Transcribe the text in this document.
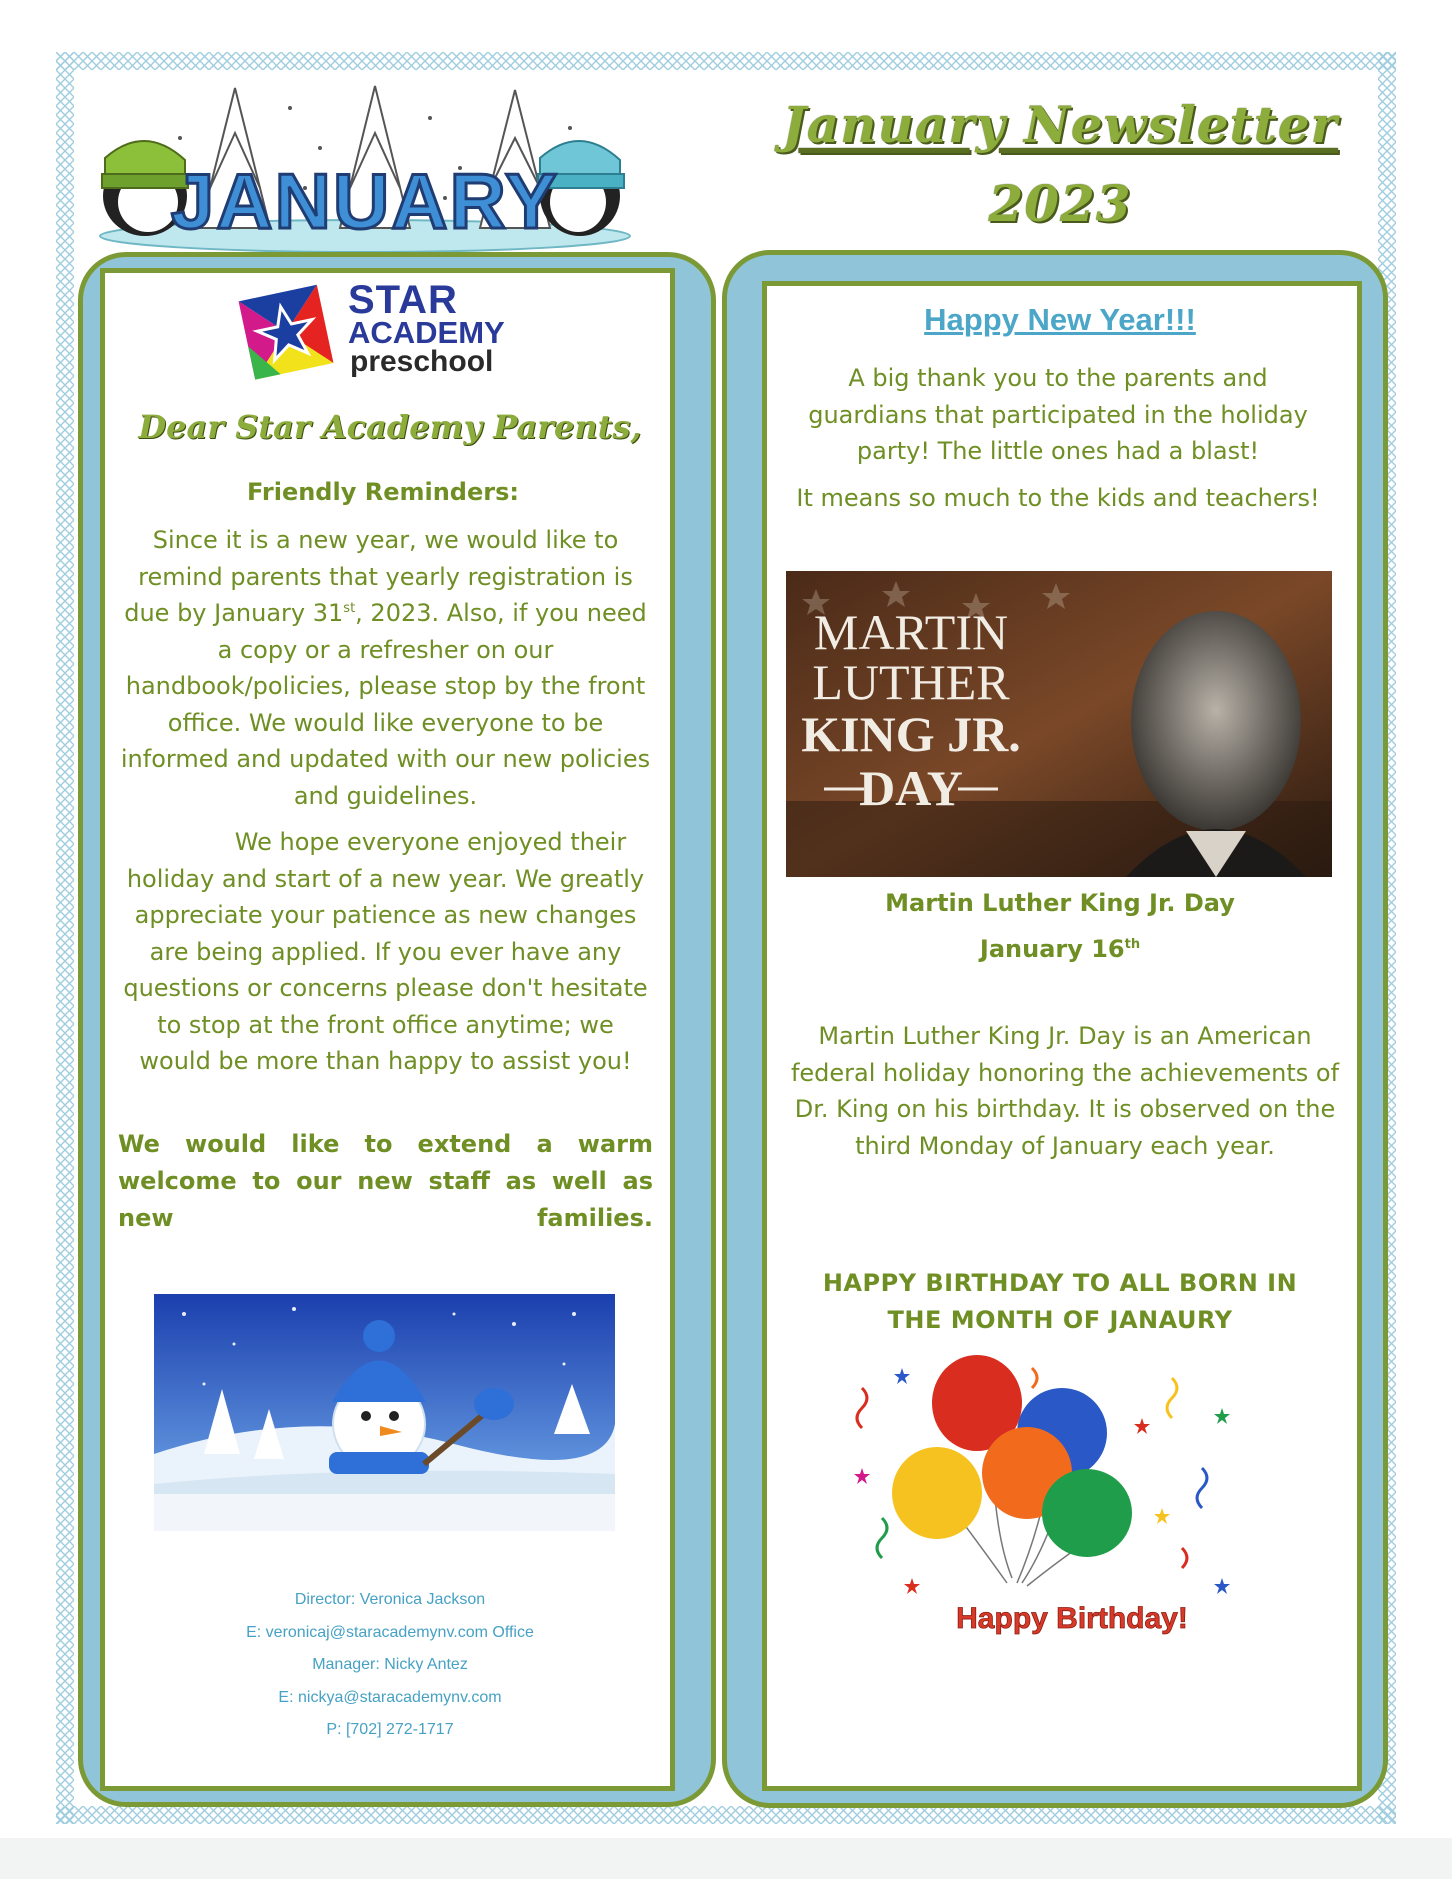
JANUARY
January Newsletter
2023
STAR
ACADEMY
preschool
Dear Star Academy Parents,
Friendly Reminders:
Since it is a new year, we would like to remind parents that yearly registration is due by January 31st, 2023. Also, if you need a copy or a refresher on our handbook/policies, please stop by the front office. We would like everyone to be informed and updated with our new policies and guidelines.
We hope everyone enjoyed their holiday and start of a new year. We greatly appreciate your patience as new changes are being applied. If you ever have any questions or concerns please don't hesitate to stop at the front office anytime; we would be more than happy to assist you!
We would like to extend a warm welcome to our new staff as well as new families.
Director: Veronica Jackson
E: veronicaj@staracademynv.com Office
Manager: Nicky Antez
E: nickya@staracademynv.com
P: [702] 272-1717
Happy New Year!!!
A big thank you to the parents and guardians that participated in the holiday party! The little ones had a blast!
It means so much to the kids and teachers!
MARTIN
LUTHER
KING JR.
DAY
Martin Luther King Jr. Day
January 16th
Martin Luther King Jr. Day is an American federal holiday honoring the achievements of Dr. King on his birthday. It is observed on the third Monday of January each year.
HAPPY BIRTHDAY TO ALL BORN IN
THE MONTH OF JANAURY
Happy Birthday!
